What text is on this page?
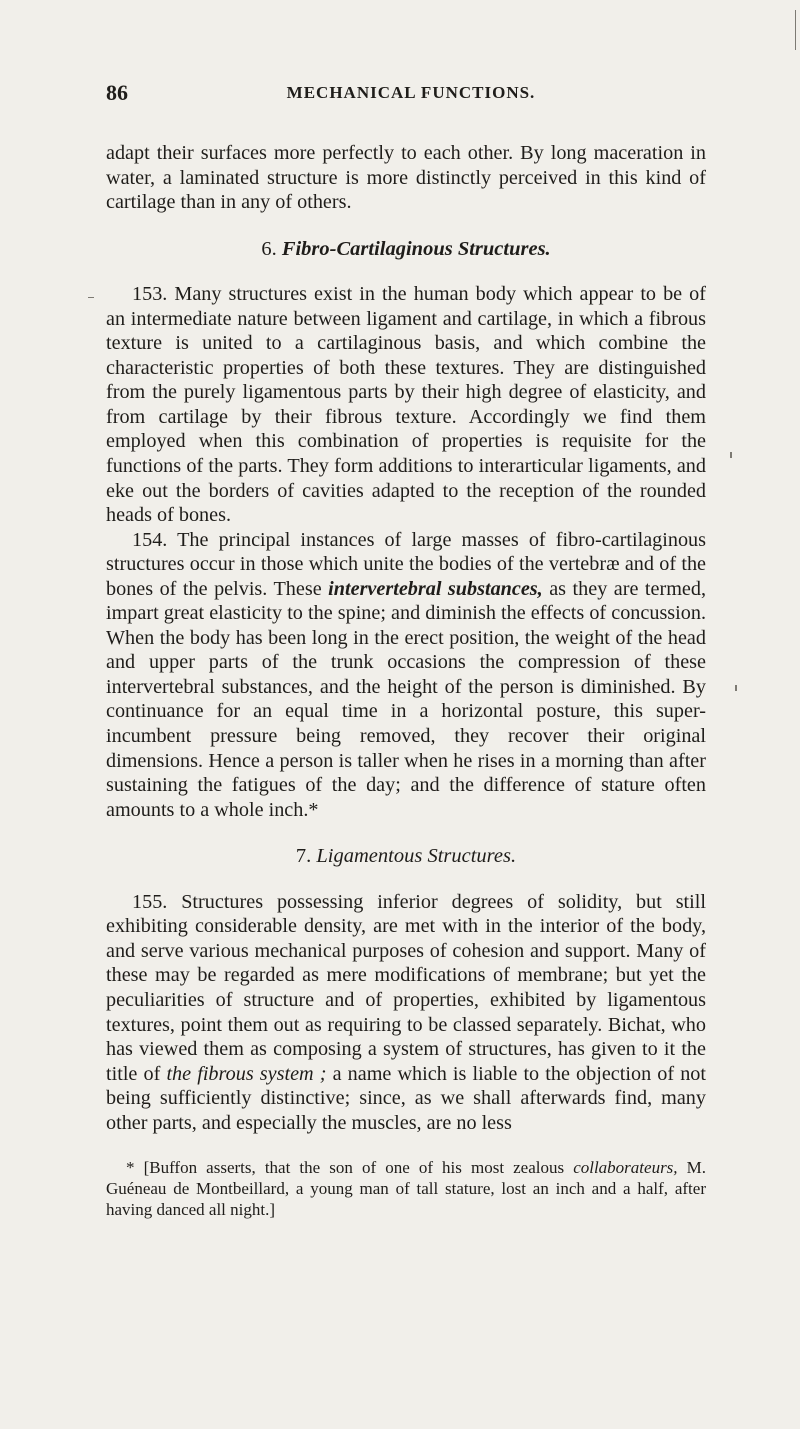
86	MECHANICAL FUNCTIONS.

adapt their surfaces more perfectly to each other. By long maceration in water, a laminated structure is more distinctly perceived in this kind of cartilage than in any of others.

6. Fibro-Cartilaginous Structures.

153. Many structures exist in the human body which appear to be of an intermediate nature between ligament and cartilage, in which a fibrous texture is united to a cartilaginous basis, and which combine the characteristic properties of both these textures. They are distinguished from the purely ligamentous parts by their high degree of elasticity, and from cartilage by their fibrous texture. Accordingly we find them employed when this combination of properties is requisite for the functions of the parts. They form additions to interarticular ligaments, and eke out the borders of cavities adapted to the reception of the rounded heads of bones.

154. The principal instances of large masses of fibro-cartilaginous structures occur in those which unite the bodies of the vertebræ and of the bones of the pelvis. These intervertebral substances, as they are termed, impart great elasticity to the spine; and diminish the effects of concussion. When the body has been long in the erect position, the weight of the head and upper parts of the trunk occasions the compression of these intervertebral substances, and the height of the person is diminished. By continuance for an equal time in a horizontal posture, this super-incumbent pressure being removed, they recover their original dimensions. Hence a person is taller when he rises in a morning than after sustaining the fatigues of the day; and the difference of stature often amounts to a whole inch.*

7. Ligamentous Structures.

155. Structures possessing inferior degrees of solidity, but still exhibiting considerable density, are met with in the interior of the body, and serve various mechanical purposes of cohesion and support. Many of these may be regarded as mere modifications of membrane; but yet the peculiarities of structure and of properties, exhibited by ligamentous textures, point them out as requiring to be classed separately. Bichat, who has viewed them as composing a system of structures, has given to it the title of the fibrous system ; a name which is liable to the objection of not being sufficiently distinctive; since, as we shall afterwards find, many other parts, and especially the muscles, are no less

* [Buffon asserts, that the son of one of his most zealous collaborateurs, M. Guéneau de Montbeillard, a young man of tall stature, lost an inch and a half, after having danced all night.]
